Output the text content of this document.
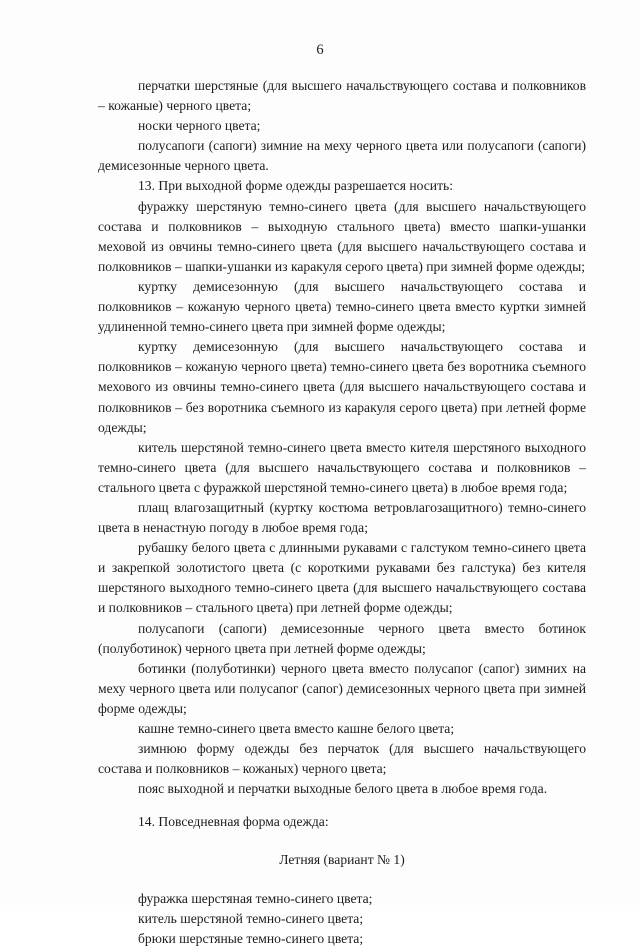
6

перчатки шерстяные (для высшего начальствующего состава и полковников – кожаные) черного цвета;

носки черного цвета;

полусапоги (сапоги) зимние на меху черного цвета или полусапоги (сапоги) демисезонные черного цвета.

13. При выходной форме одежды разрешается носить:

фуражку шерстяную темно-синего цвета (для высшего начальствующего состава и полковников – выходную стального цвета) вместо шапки-ушанки меховой из овчины темно-синего цвета (для высшего начальствующего состава и полковников – шапки-ушанки из каракуля серого цвета) при зимней форме одежды;

куртку демисезонную (для высшего начальствующего состава и полковников – кожаную черного цвета) темно-синего цвета вместо куртки зимней удлиненной темно-синего цвета при зимней форме одежды;

куртку демисезонную (для высшего начальствующего состава и полковников – кожаную черного цвета) темно-синего цвета без воротника съемного мехового из овчины темно-синего цвета (для высшего начальствующего состава и полковников – без воротника съемного из каракуля серого цвета) при летней форме одежды;

китель шерстяной темно-синего цвета вместо кителя шерстяного выходного темно-синего цвета (для высшего начальствующего состава и полковников – стального цвета с фуражкой шерстяной темно-синего цвета) в любое время года;

плащ влагозащитный (куртку костюма ветровлагозащитного) темно-синего цвета в ненастную погоду в любое время года;

рубашку белого цвета с длинными рукавами с галстуком темно-синего цвета и закрепкой золотистого цвета (с короткими рукавами без галстука) без кителя шерстяного выходного темно-синего цвета (для высшего начальствующего состава и полковников – стального цвета) при летней форме одежды;

полусапоги (сапоги) демисезонные черного цвета вместо ботинок (полуботинок) черного цвета при летней форме одежды;

ботинки (полуботинки) черного цвета вместо полусапог (сапог) зимних на меху черного цвета или полусапог (сапог) демисезонных черного цвета при зимней форме одежды;

кашне темно-синего цвета вместо кашне белого цвета;

зимнюю форму одежды без перчаток (для высшего начальствующего состава и полковников – кожаных) черного цвета;

пояс выходной и перчатки выходные белого цвета в любое время года.

14. Повседневная форма одежда:

Летняя (вариант № 1)

фуражка шерстяная темно-синего цвета;

китель шерстяной темно-синего цвета;

брюки шерстяные темно-синего цвета;
